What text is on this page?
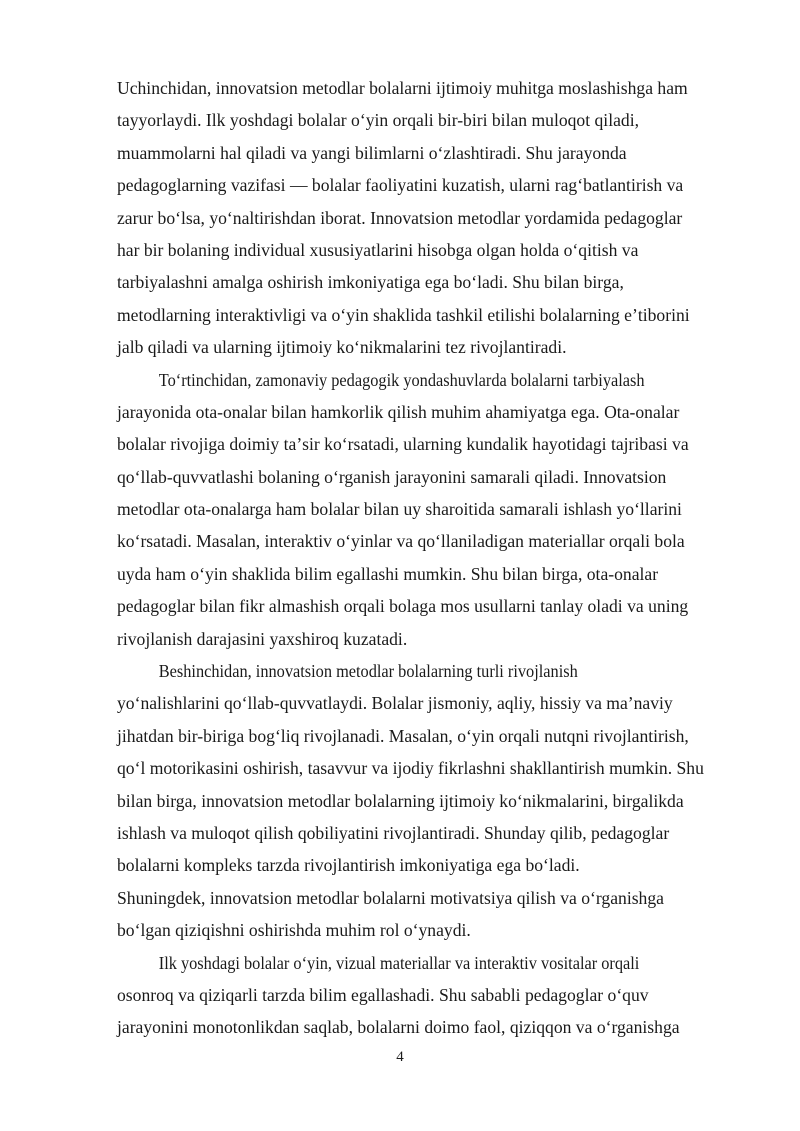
Uchinchidan, innovatsion metodlar bolalarni ijtimoiy muhitga moslashishga ham
tayyorlaydi. Ilk yoshdagi bolalar oʻyin orqali bir-biri bilan muloqot qiladi,
muammolarni hal qiladi va yangi bilimlarni oʻzlashtiradi. Shu jarayonda
pedagoglarning vazifasi — bolalar faoliyatini kuzatish, ularni ragʻbatlantirish va
zarur boʻlsa, yoʻnaltirishdan iborat. Innovatsion metodlar yordamida pedagoglar
har bir bolaning individual xususiyatlarini hisobga olgan holda oʻqitish va
tarbiyalashni amalga oshirish imkoniyatiga ega boʻladi. Shu bilan birga,
metodlarning interaktivligi va oʻyin shaklida tashkil etilishi bolalarning eʼtiborini
jalb qiladi va ularning ijtimoiy koʻnikmalarini tez rivojlantiradi.
Toʻrtinchidan, zamonaviy pedagogik yondashuvlarda bolalarni tarbiyalash
jarayonida ota-onalar bilan hamkorlik qilish muhim ahamiyatga ega. Ota-onalar
bolalar rivojiga doimiy taʼsir koʻrsatadi, ularning kundalik hayotidagi tajribasi va
qoʻllab-quvvatlashi bolaning oʻrganish jarayonini samarali qiladi. Innovatsion
metodlar ota-onalarga ham bolalar bilan uy sharoitida samarali ishlash yoʻllarini
koʻrsatadi. Masalan, interaktiv oʻyinlar va qoʻllaniladigan materiallar orqali bola
uyda ham oʻyin shaklida bilim egallashi mumkin. Shu bilan birga, ota-onalar
pedagoglar bilan fikr almashish orqali bolaga mos usullarni tanlay oladi va uning
rivojlanish darajasini yaxshiroq kuzatadi.
Beshinchidan, innovatsion metodlar bolalarning turli rivojlanish
yoʻnalishlarini qoʻllab-quvvatlaydi. Bolalar jismoniy, aqliy, hissiy va maʼnaviy
jihatdan bir-biriga bogʻliq rivojlanadi. Masalan, oʻyin orqali nutqni rivojlantirish,
qoʻl motorikasini oshirish, tasavvur va ijodiy fikrlashni shakllantirish mumkin. Shu
bilan birga, innovatsion metodlar bolalarning ijtimoiy koʻnikmalarini, birgalikda
ishlash va muloqot qilish qobiliyatini rivojlantiradi. Shunday qilib, pedagoglar
bolalarni kompleks tarzda rivojlantirish imkoniyatiga ega boʻladi.
Shuningdek, innovatsion metodlar bolalarni motivatsiya qilish va oʻrganishga
boʻlgan qiziqishni oshirishda muhim rol oʻynaydi.
Ilk yoshdagi bolalar oʻyin, vizual materiallar va interaktiv vositalar orqali
osonroq va qiziqarli tarzda bilim egallashadi. Shu sababli pedagoglar oʻquv
jarayonini monotonlikdan saqlab, bolalarni doimo faol, qiziqqon va oʻrganishga
4
